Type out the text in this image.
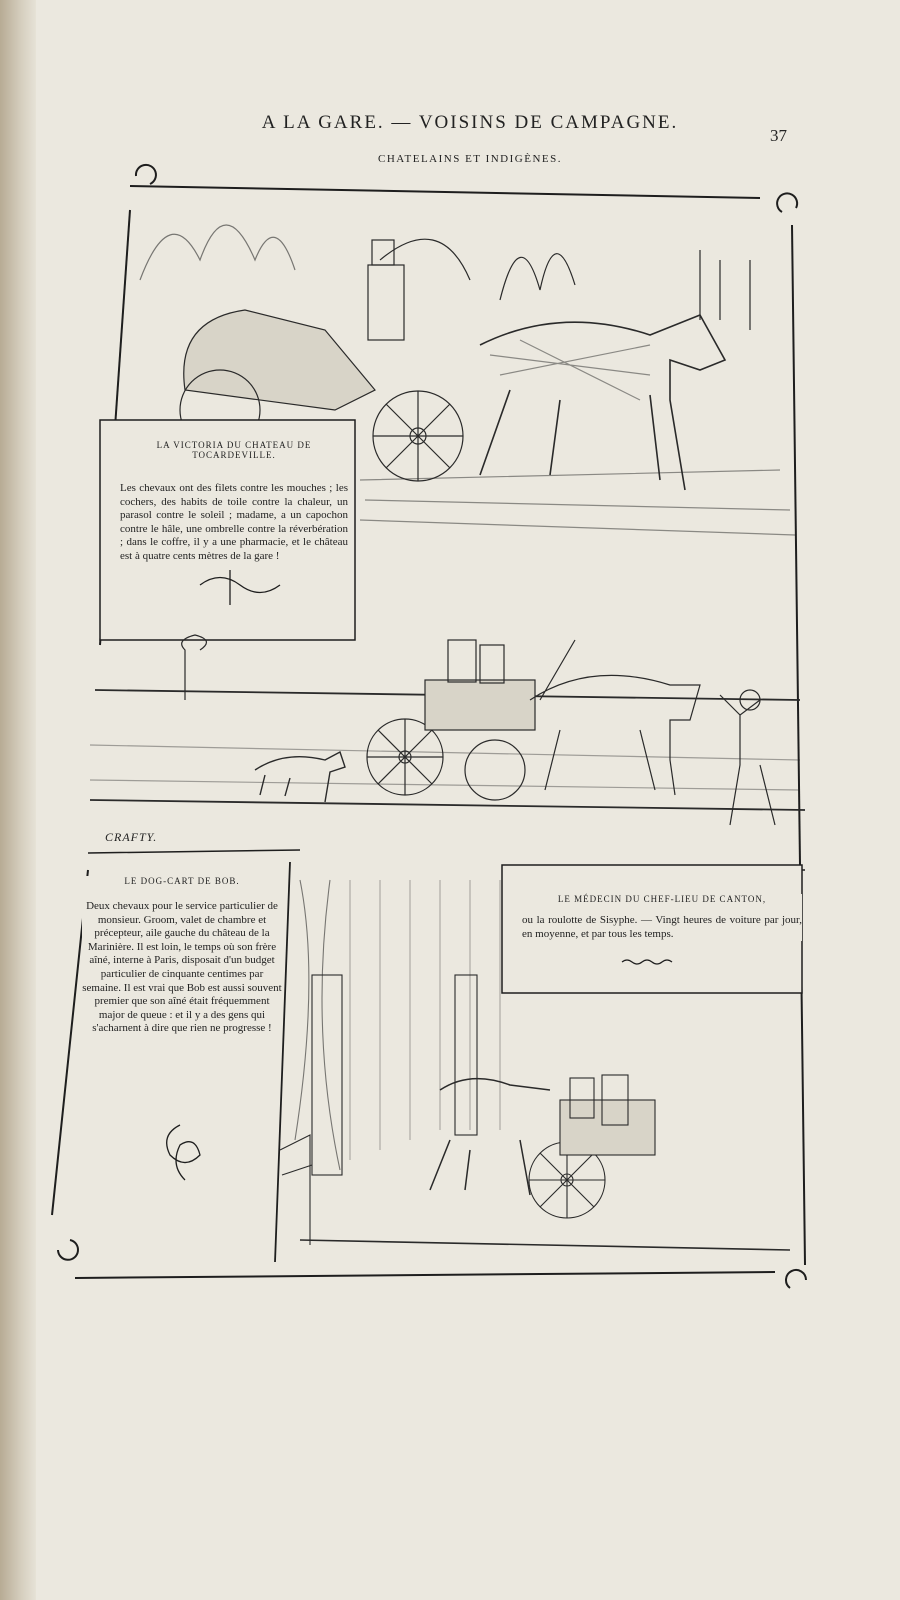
A LA GARE. — VOISINS DE CAMPAGNE.
37
CHATELAINS ET INDIGÈNES.
LA VICTORIA DU CHATEAU DE TOCARDEVILLE.
Les chevaux ont des filets contre les mouches ; les cochers, des habits de toile contre la chaleur, un parasol contre le soleil ; madame, a un capochon contre le hâle, une ombrelle contre la réverbération ; dans le coffre, il y a une pharmacie, et le château est à quatre cents mètres de la gare !
CRAFTY.
LE DOG-CART DE BOB.
Deux chevaux pour le service particulier de monsieur. Groom, valet de chambre et précepteur, aile gauche du château de la Marinière. Il est loin, le temps où son frère aîné, interne à Paris, disposait d'un budget particulier de cinquante centimes par semaine. Il est vrai que Bob est aussi souvent premier que son aîné était fréquemment major de queue : et il y a des gens qui s'acharnent à dire que rien ne progresse !
LE MÉDECIN DU CHEF-LIEU DE CANTON,
ou la roulotte de Sisyphe. — Vingt heures de voiture par jour, en moyenne, et par tous les temps.
